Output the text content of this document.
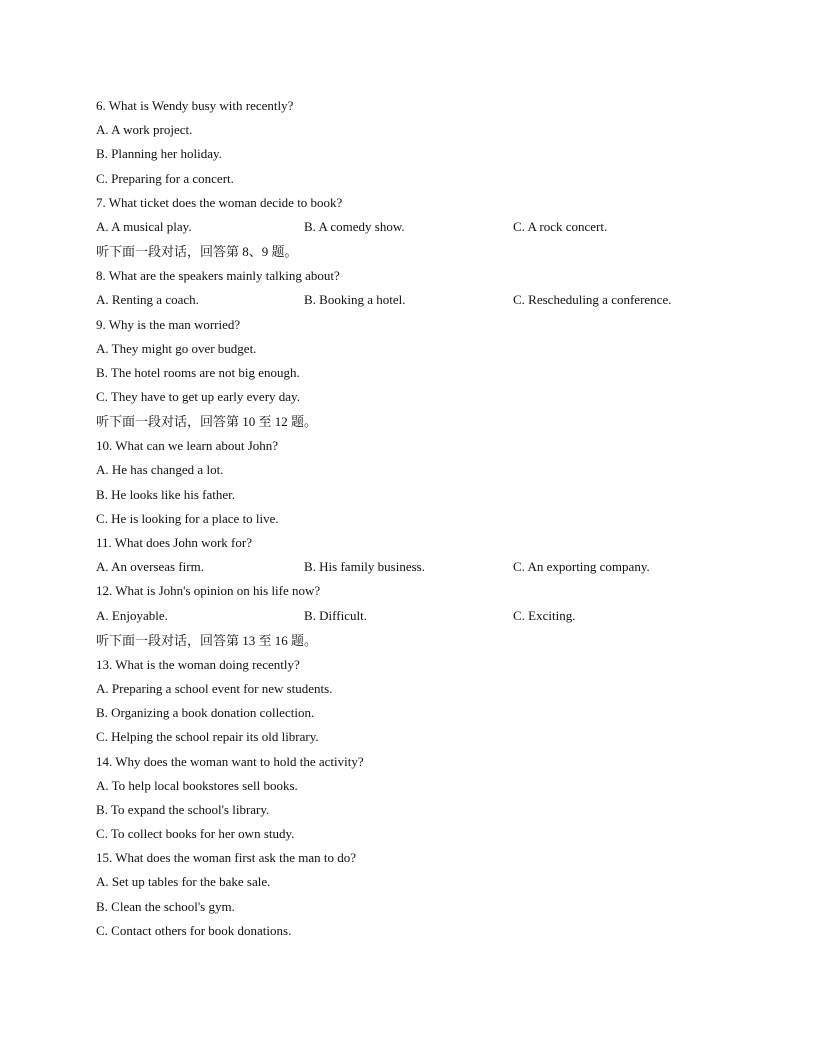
6. What is Wendy busy with recently?
A. A work project.
B. Planning her holiday.
C. Preparing for a concert.
7. What ticket does the woman decide to book?
A. A musical play.	B. A comedy show.	C. A rock concert.
听下面一段对话，回答第 8、9 题。
8. What are the speakers mainly talking about?
A. Renting a coach.	B. Booking a hotel.	C. Rescheduling a conference.
9. Why is the man worried?
A. They might go over budget.
B. The hotel rooms are not big enough.
C. They have to get up early every day.
听下面一段对话，回答第 10 至 12 题。
10. What can we learn about John?
A. He has changed a lot.
B. He looks like his father.
C. He is looking for a place to live.
11. What does John work for?
A. An overseas firm.	B. His family business.	C. An exporting company.
12. What is John's opinion on his life now?
A. Enjoyable.	B. Difficult.	C. Exciting.
听下面一段对话，回答第 13 至 16 题。
13. What is the woman doing recently?
A. Preparing a school event for new students.
B. Organizing a book donation collection.
C. Helping the school repair its old library.
14. Why does the woman want to hold the activity?
A. To help local bookstores sell books.
B. To expand the school's library.
C. To collect books for her own study.
15. What does the woman first ask the man to do?
A. Set up tables for the bake sale.
B. Clean the school's gym.
C. Contact others for book donations.
